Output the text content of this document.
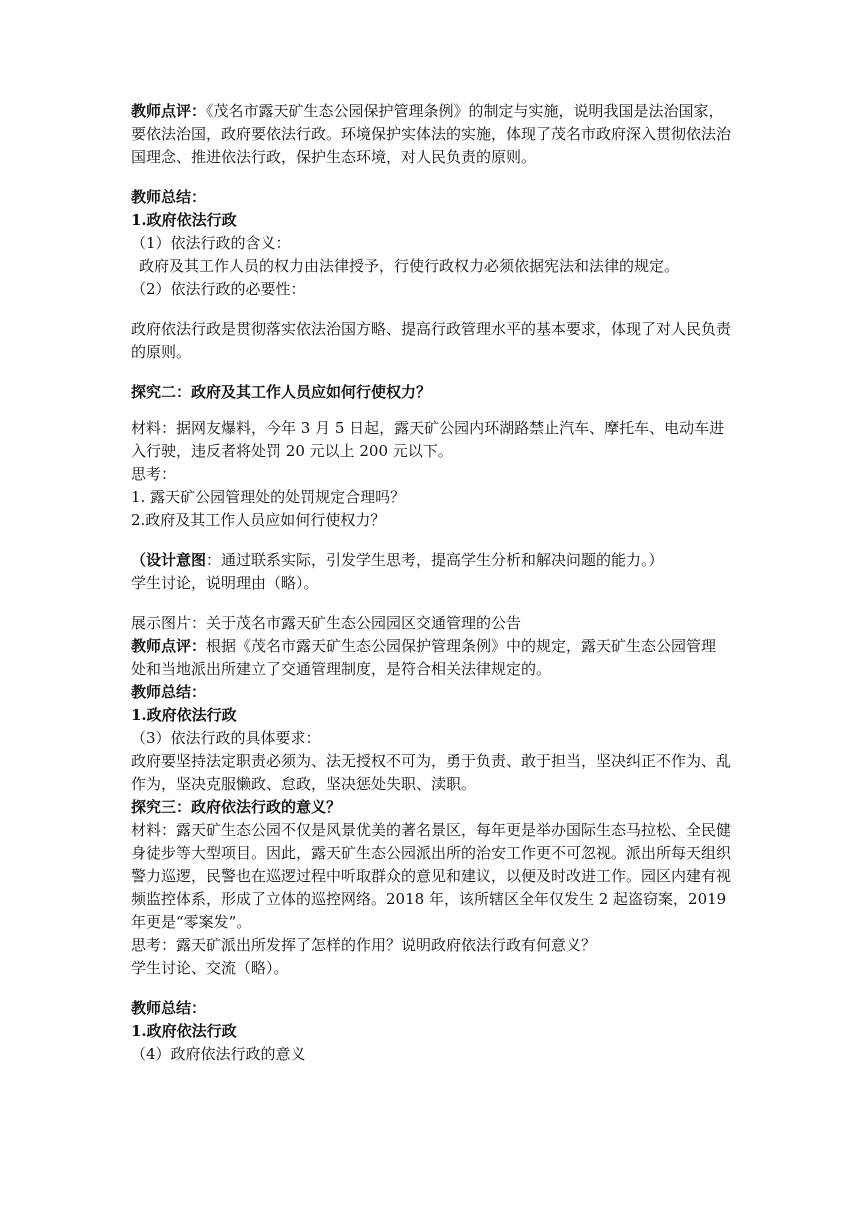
教师点评：《茂名市露天矿生态公园保护管理条例》的制定与实施，说明我国是法治国家，要依法治国，政府要依法行政。环境保护实体法的实施，体现了茂名市政府深入贯彻依法治国理念、推进依法行政，保护生态环境，对人民负责的原则。

教师总结：

1.政府依法行政

（1）依法行政的含义：

政府及其工作人员的权力由法律授予，行使行政权力必须依据宪法和法律的规定。

（2）依法行政的必要性：

政府依法行政是贯彻落实依法治国方略、提高行政管理水平的基本要求，体现了对人民负责的原则。

探究二：政府及其工作人员应如何行使权力？

材料：据网友爆料，今年 3 月 5 日起，露天矿公园内环湖路禁止汽车、摩托车、电动车进入行驶，违反者将处罚 20 元以上 200 元以下。

思考：

1. 露天矿公园管理处的处罚规定合理吗？

2.政府及其工作人员应如何行使权力？

（设计意图：通过联系实际，引发学生思考，提高学生分析和解决问题的能力。）

学生讨论，说明理由（略）。

展示图片：关于茂名市露天矿生态公园园区交通管理的公告

教师点评：根据《茂名市露天矿生态公园保护管理条例》中的规定，露天矿生态公园管理处和当地派出所建立了交通管理制度，是符合相关法律规定的。

教师总结：

1.政府依法行政

（3）依法行政的具体要求：

政府要坚持法定职责必须为、法无授权不可为，勇于负责、敢于担当，坚决纠正不作为、乱作为，坚决克服懒政、怠政，坚决惩处失职、渎职。

探究三：政府依法行政的意义？

材料：露天矿生态公园不仅是风景优美的著名景区，每年更是举办国际生态马拉松、全民健身徒步等大型项目。因此，露天矿生态公园派出所的治安工作更不可忽视。派出所每天组织警力巡逻，民警也在巡逻过程中听取群众的意见和建议，以便及时改进工作。园区内建有视频监控体系，形成了立体的巡控网络。2018 年，该所辖区全年仅发生 2 起盗窃案，2019 年更是“零案发”。

思考：露天矿派出所发挥了怎样的作用？说明政府依法行政有何意义？

学生讨论、交流（略）。

教师总结：

1.政府依法行政

（4）政府依法行政的意义
